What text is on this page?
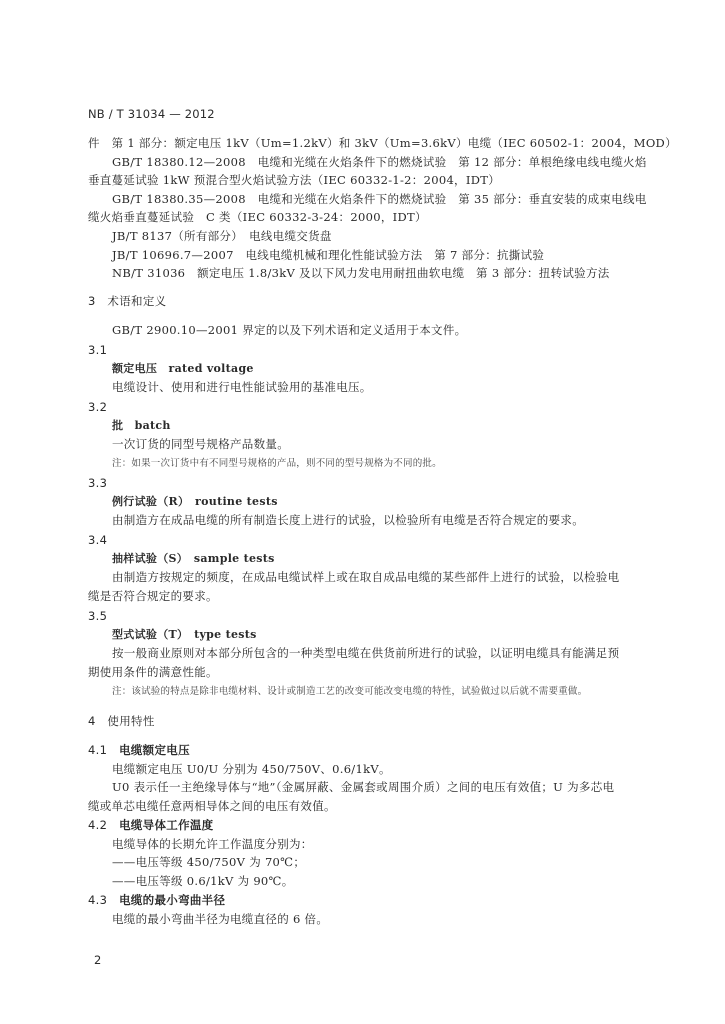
NB / T 31034 — 2012
件　第 1 部分：额定电压 1kV（Um=1.2kV）和 3kV（Um=3.6kV）电缆（IEC 60502-1：2004，MOD）
GB/T 18380.12—2008　电缆和光缆在火焰条件下的燃烧试验　第 12 部分：单根绝缘电线电缆火焰
垂直蔓延试验 1kW 预混合型火焰试验方法（IEC 60332-1-2：2004，IDT）
GB/T 18380.35—2008　电缆和光缆在火焰条件下的燃烧试验　第 35 部分：垂直安装的成束电线电
缆火焰垂直蔓延试验　C 类（IEC 60332-3-24：2000，IDT）
JB/T 8137（所有部分）　电线电缆交货盘
JB/T 10696.7—2007　电线电缆机械和理化性能试验方法　第 7 部分：抗撕试验
NB/T 31036　额定电压 1.8/3kV 及以下风力发电用耐扭曲软电缆　第 3 部分：扭转试验方法
3　术语和定义
GB/T 2900.10—2001 界定的以及下列术语和定义适用于本文件。
3.1
额定电压　rated voltage
电缆设计、使用和进行电性能试验用的基准电压。
3.2
批　batch
一次订货的同型号规格产品数量。
注：如果一次订货中有不同型号规格的产品，则不同的型号规格为不同的批。
3.3
例行试验（R）　routine tests
由制造方在成品电缆的所有制造长度上进行的试验，以检验所有电缆是否符合规定的要求。
3.4
抽样试验（S）　sample tests
由制造方按规定的频度，在成品电缆试样上或在取自成品电缆的某些部件上进行的试验，以检验电
缆是否符合规定的要求。
3.5
型式试验（T）　type tests
按一般商业原则对本部分所包含的一种类型电缆在供货前所进行的试验，以证明电缆具有能满足预
期使用条件的满意性能。
注：该试验的特点是除非电缆材料、设计或制造工艺的改变可能改变电缆的特性，试验做过以后就不需要重做。
4　使用特性
4.1 电缆额定电压
电缆额定电压 U0/U 分别为 450/750V、0.6/1kV。
U0 表示任一主绝缘导体与“地”（金属屏蔽、金属套或周围介质）之间的电压有效值；U 为多芯电
缆或单芯电缆任意两相导体之间的电压有效值。
4.2 电缆导体工作温度
电缆导体的长期允许工作温度分别为：
——电压等级 450/750V 为 70℃；
——电压等级 0.6/1kV 为 90℃。
4.3 电缆的最小弯曲半径
电缆的最小弯曲半径为电缆直径的 6 倍。
2
